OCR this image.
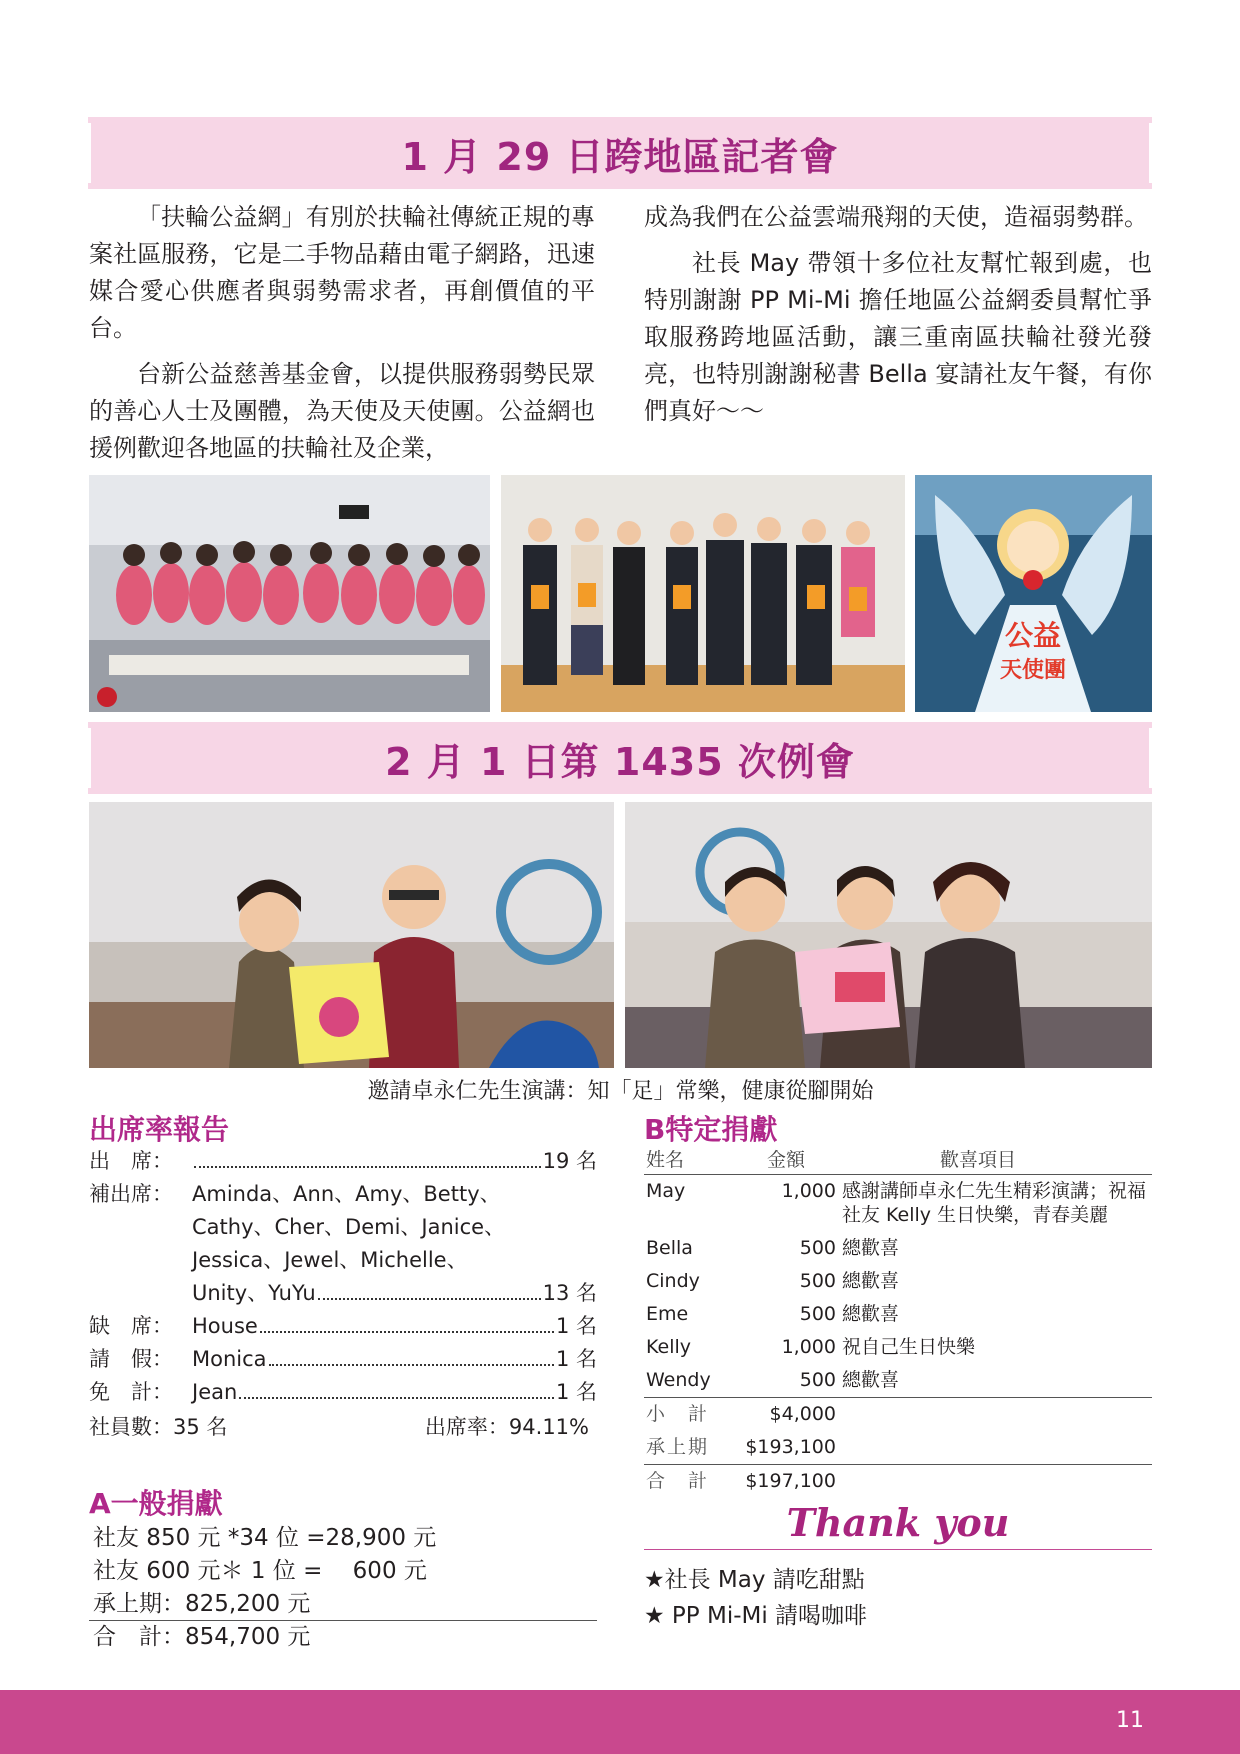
1 月 29 日跨地區記者會

「扶輪公益網」有別於扶輪社傳統正規的專案社區服務，它是二手物品藉由電子網路，迅速媒合愛心供應者與弱勢需求者，再創價值的平台。

台新公益慈善基金會，以提供服務弱勢民眾的善心人士及團體，為天使及天使團。公益網也援例歡迎各地區的扶輪社及企業，

成為我們在公益雲端飛翔的天使，造福弱勢群。

社長 May 帶領十多位社友幫忙報到處，也特別謝謝 PP Mi-Mi 擔任地區公益網委員幫忙爭取服務跨地區活動，讓三重南區扶輪社發光發亮，也特別謝謝秘書 Bella 宴請社友午餐，有你們真好～～

公益
天使團
2 月 1 日第 1435 次例會
邀請卓永仁先生演講：知「足」常樂，健康從腳開始
出席率報告
出　席：	19 名
補出席： Aminda、Ann、Amy、Betty、
Cathy、Cher、Demi、Janice、
Jessica、Jewel、Michelle、
Unity、YuYu	13 名
缺　席： House	1 名
請　假： Monica	1 名
免　計： Jean	1 名
社員數：35 名	出席率：94.11%
A一般捐獻
社友 850 元 *34 位 =28,900 元
社友 600 元＊ 1 位 =　 600 元
承上期：825,200 元
合　計：854,700 元
B特定捐獻
姓名	金額	歡喜項目
May	1,000	感謝講師卓永仁先生精彩演講；祝福社友 Kelly 生日快樂，青春美麗
Bella	500	總歡喜
Cindy	500	總歡喜
Eme	500	總歡喜
Kelly	1,000	祝自己生日快樂
Wendy	500	總歡喜
小　計	$4,000	
承上期	$193,100	
合　計	$197,100	
Thank you
★社長 May 請吃甜點
★ PP Mi-Mi 請喝咖啡
11
